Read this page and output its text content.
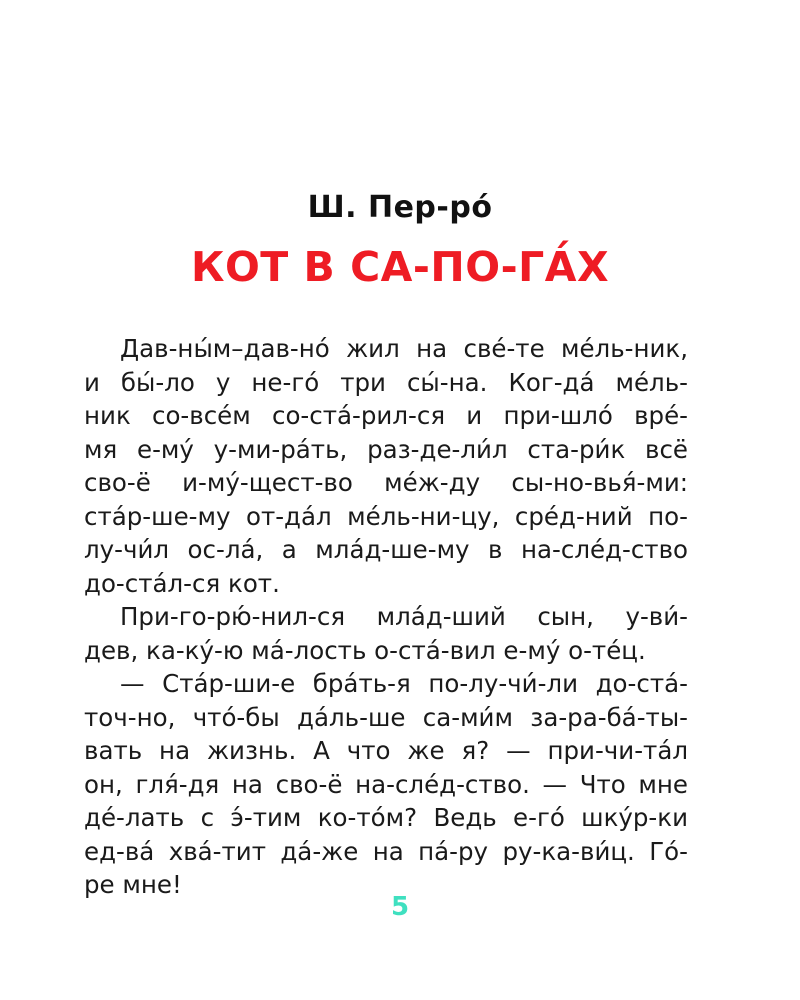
Ш. Пер-ро́
КОТ В СА-ПО-ГА́Х
Дав-ны́м–дав-но́ жил на све́-те ме́ль-ник,
и бы́-ло у не-го́ три сы́-на. Ког-да́ ме́ль-
ник со-всéм со-ста́-рил-ся и при-шло́ вре́-
мя е-му́ у-ми-ра́ть, раз-де-ли́л ста-ри́к всё
сво-ё и-му́-щест-во ме́ж-ду сы-но-вья́-ми:
ста́р-ше-му от-да́л ме́ль-ни-цу, сре́д-ний по-
лу-чи́л ос-ла́, а мла́д-ше-му в на-сле́д-ство
до-ста́л-ся кот.
При-го-рю́-нил-ся мла́д-ший сын, у-ви́-
дев, ка-ку́-ю ма́-лость о-ста́-вил е-му́ о-те́ц.
— Ста́р-ши-е бра́ть-я по-лу-чи́-ли до-ста́-
точ-но, что́-бы да́ль-ше са-ми́м за-ра-ба́-ты-
вать на жизнь. А что же я? — при-чи-та́л
он, гля́-дя на сво-ё на-сле́д-ство. — Что мне
де́-лать с э́-тим ко-то́м? Ведь е-го́ шку́р-ки
ед-ва́ хва́-тит да́-же на па́-ру ру-ка-ви́ц. Го́-
ре мне!
5
